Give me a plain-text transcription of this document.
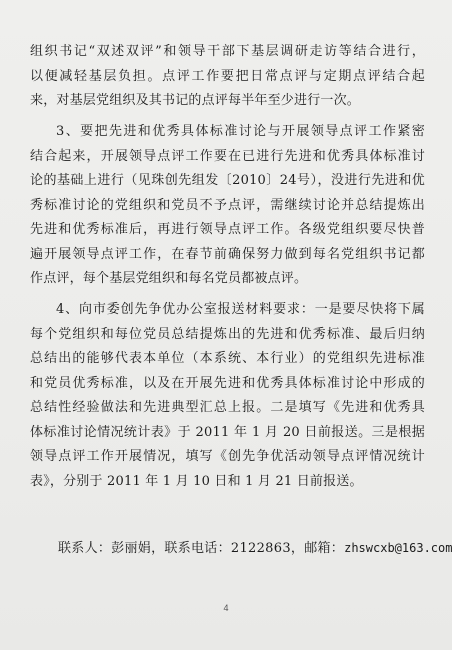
组织书记“双述双评”和领导干部下基层调研走访等结合进行，
以便减轻基层负担。点评工作要把日常点评与定期点评结合起
来，对基层党组织及其书记的点评每半年至少进行一次。
3、要把先进和优秀具体标准讨论与开展领导点评工作紧密
结合起来，开展领导点评工作要在已进行先进和优秀具体标准讨
论的基础上进行（见珠创先组发〔2010〕24号），没进行先进和优
秀标准讨论的党组织和党员不予点评，需继续讨论并总结提炼出
先进和优秀标准后，再进行领导点评工作。各级党组织要尽快普
遍开展领导点评工作，在春节前确保努力做到每名党组织书记都
作点评，每个基层党组织和每名党员都被点评。
4、向市委创先争优办公室报送材料要求：一是要尽快将下属
每个党组织和每位党员总结提炼出的先进和优秀标准、最后归纳
总结出的能够代表本单位（本系统、本行业）的党组织先进标准
和党员优秀标准，以及在开展先进和优秀具体标准讨论中形成的
总结性经验做法和先进典型汇总上报。二是填写《先进和优秀具
体标准讨论情况统计表》于 2011 年 1 月 20 日前报送。三是根据
领导点评工作开展情况，填写《创先争优活动领导点评情况统计
表》，分别于 2011 年 1 月 10 日和 1 月 21 日前报送。
联系人：彭丽娟，联系电话：2122863，邮箱：zhswcxb@163.com
4
